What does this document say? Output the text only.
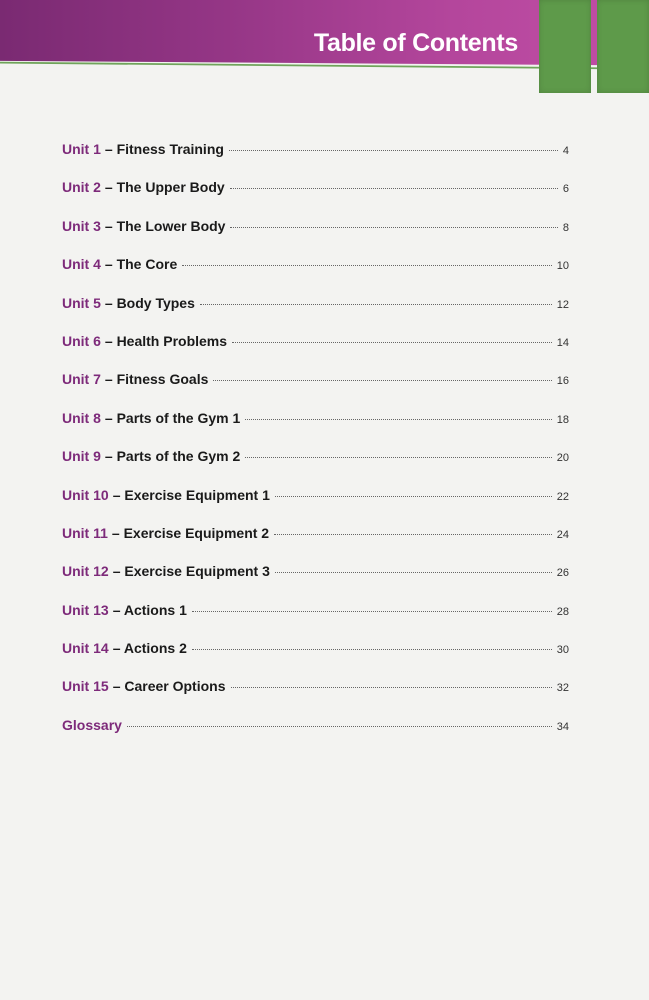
Table of Contents
Unit 1 – Fitness Training	4
Unit 2 – The Upper Body	6
Unit 3 – The Lower Body	8
Unit 4 – The Core	10
Unit 5 – Body Types	12
Unit 6 – Health Problems	14
Unit 7 – Fitness Goals	16
Unit 8 – Parts of the Gym 1	18
Unit 9 – Parts of the Gym 2	20
Unit 10 – Exercise Equipment 1	22
Unit 11 – Exercise Equipment 2	24
Unit 12 – Exercise Equipment 3	26
Unit 13 – Actions 1	28
Unit 14 – Actions 2	30
Unit 15 – Career Options	32
Glossary	34
